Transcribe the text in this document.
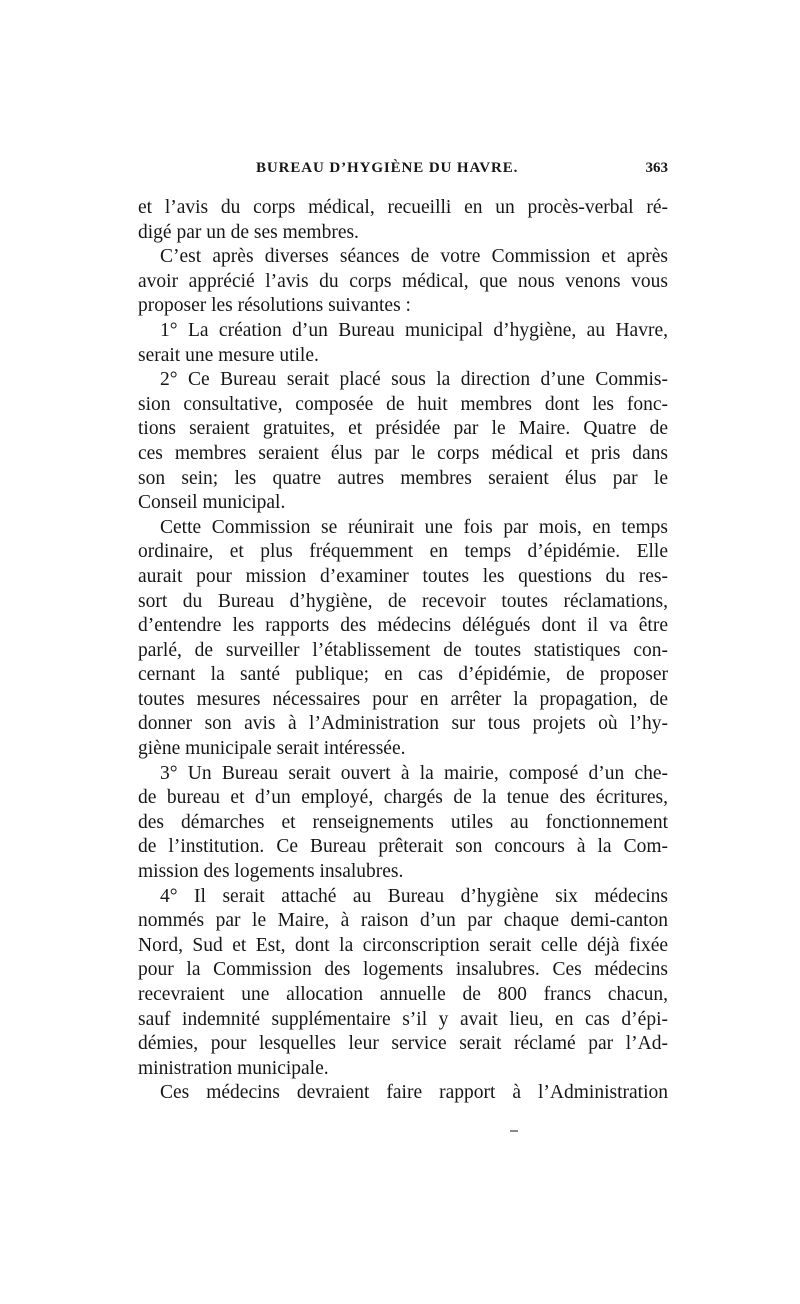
BUREAU D’HYGIÈNE DU HAVRE.	363
et l’avis du corps médical, recueilli en un procès-verbal ré-
digé par un de ses membres.
C’est après diverses séances de votre Commission et après
avoir apprécié l’avis du corps médical, que nous venons vous
proposer les résolutions suivantes :
1° La création d’un Bureau municipal d’hygiène, au Havre,
serait une mesure utile.
2° Ce Bureau serait placé sous la direction d’une Commis-
sion consultative, composée de huit membres dont les fonc-
tions seraient gratuites, et présidée par le Maire. Quatre de
ces membres seraient élus par le corps médical et pris dans
son sein; les quatre autres membres seraient élus par le
Conseil municipal.
Cette Commission se réunirait une fois par mois, en temps
ordinaire, et plus fréquemment en temps d’épidémie. Elle
aurait pour mission d’examiner toutes les questions du res-
sort du Bureau d’hygiène, de recevoir toutes réclamations,
d’entendre les rapports des médecins délégués dont il va être
parlé, de surveiller l’établissement de toutes statistiques con-
cernant la santé publique; en cas d’épidémie, de proposer
toutes mesures nécessaires pour en arrêter la propagation, de
donner son avis à l’Administration sur tous projets où l’hy-
giène municipale serait intéressée.
3° Un Bureau serait ouvert à la mairie, composé d’un che-
de bureau et d’un employé, chargés de la tenue des écritures,
des démarches et renseignements utiles au fonctionnement
de l’institution. Ce Bureau prêterait son concours à la Com-
mission des logements insalubres.
4° Il serait attaché au Bureau d’hygiène six médecins
nommés par le Maire, à raison d’un par chaque demi-canton
Nord, Sud et Est, dont la circonscription serait celle déjà fixée
pour la Commission des logements insalubres. Ces médecins
recevraient une allocation annuelle de 800 francs chacun,
sauf indemnité supplémentaire s’il y avait lieu, en cas d’épi-
démies, pour lesquelles leur service serait réclamé par l’Ad-
ministration municipale.
Ces médecins devraient faire rapport à l’Administration
